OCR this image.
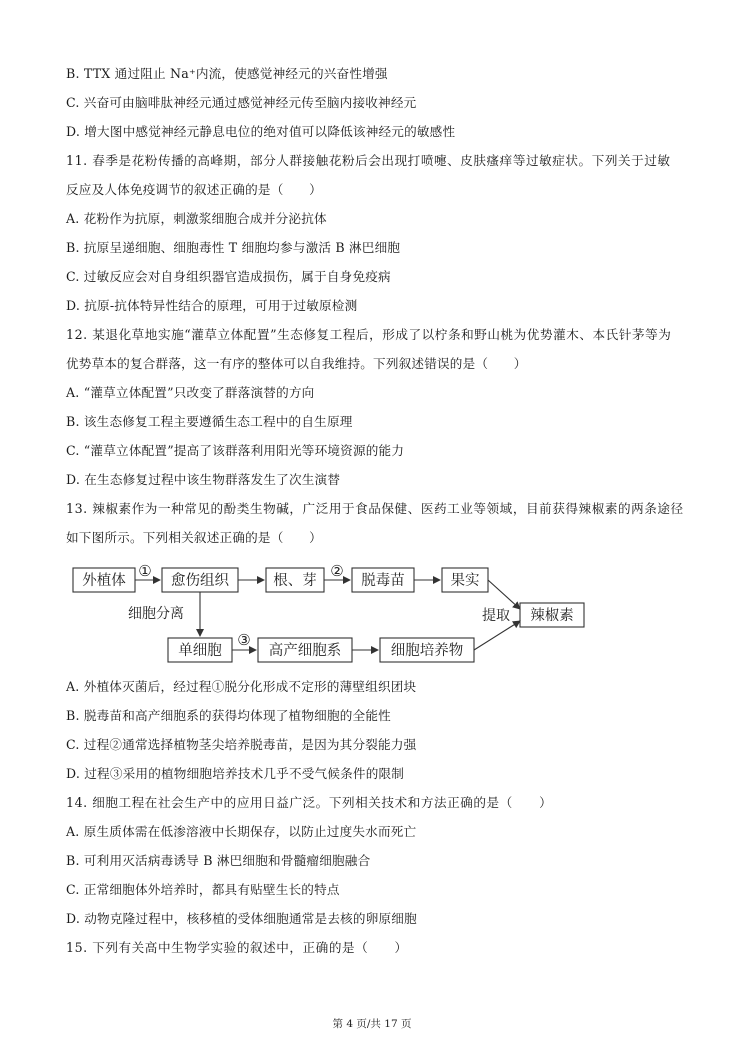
B. TTX 通过阻止 Na⁺内流，使感觉神经元的兴奋性增强
C. 兴奋可由脑啡肽神经元通过感觉神经元传至脑内接收神经元
D. 增大图中感觉神经元静息电位的绝对值可以降低该神经元的敏感性
11. 春季是花粉传播的高峰期，部分人群接触花粉后会出现打喷嚏、皮肤瘙痒等过敏症状。下列关于过敏
反应及人体免疫调节的叙述正确的是（　　）
A. 花粉作为抗原，刺激浆细胞合成并分泌抗体
B. 抗原呈递细胞、细胞毒性 T 细胞均参与激活 B 淋巴细胞
C. 过敏反应会对自身组织器官造成损伤，属于自身免疫病
D. 抗原-抗体特异性结合的原理，可用于过敏原检测
12. 某退化草地实施“灌草立体配置”生态修复工程后，形成了以柠条和野山桃为优势灌木、本氏针茅等为
优势草本的复合群落，这一有序的整体可以自我维持。下列叙述错误的是（　　）
A. “灌草立体配置”只改变了群落演替的方向
B. 该生态修复工程主要遵循生态工程中的自生原理
C. “灌草立体配置”提高了该群落利用阳光等环境资源的能力
D. 在生态修复过程中该生物群落发生了次生演替
13. 辣椒素作为一种常见的酚类生物碱，广泛用于食品保健、医药工业等领域，目前获得辣椒素的两条途径
如下图所示。下列相关叙述正确的是（　　）
外植体	愈伤组织	根、芽	脱毒苗	果实
单细胞	高产细胞系	细胞培养物
辣椒素
①	②
③
细胞分离	提取
A. 外植体灭菌后，经过程①脱分化形成不定形的薄壁组织团块
B. 脱毒苗和高产细胞系的获得均体现了植物细胞的全能性
C. 过程②通常选择植物茎尖培养脱毒苗，是因为其分裂能力强
D. 过程③采用的植物细胞培养技术几乎不受气候条件的限制
14. 细胞工程在社会生产中的应用日益广泛。下列相关技术和方法正确的是（　　）
A. 原生质体需在低渗溶液中长期保存，以防止过度失水而死亡
B. 可利用灭活病毒诱导 B 淋巴细胞和骨髓瘤细胞融合
C. 正常细胞体外培养时，都具有贴壁生长的特点
D. 动物克隆过程中，核移植的受体细胞通常是去核的卵原细胞
15. 下列有关高中生物学实验的叙述中，正确的是（　　）
第 4 页/共 17 页
